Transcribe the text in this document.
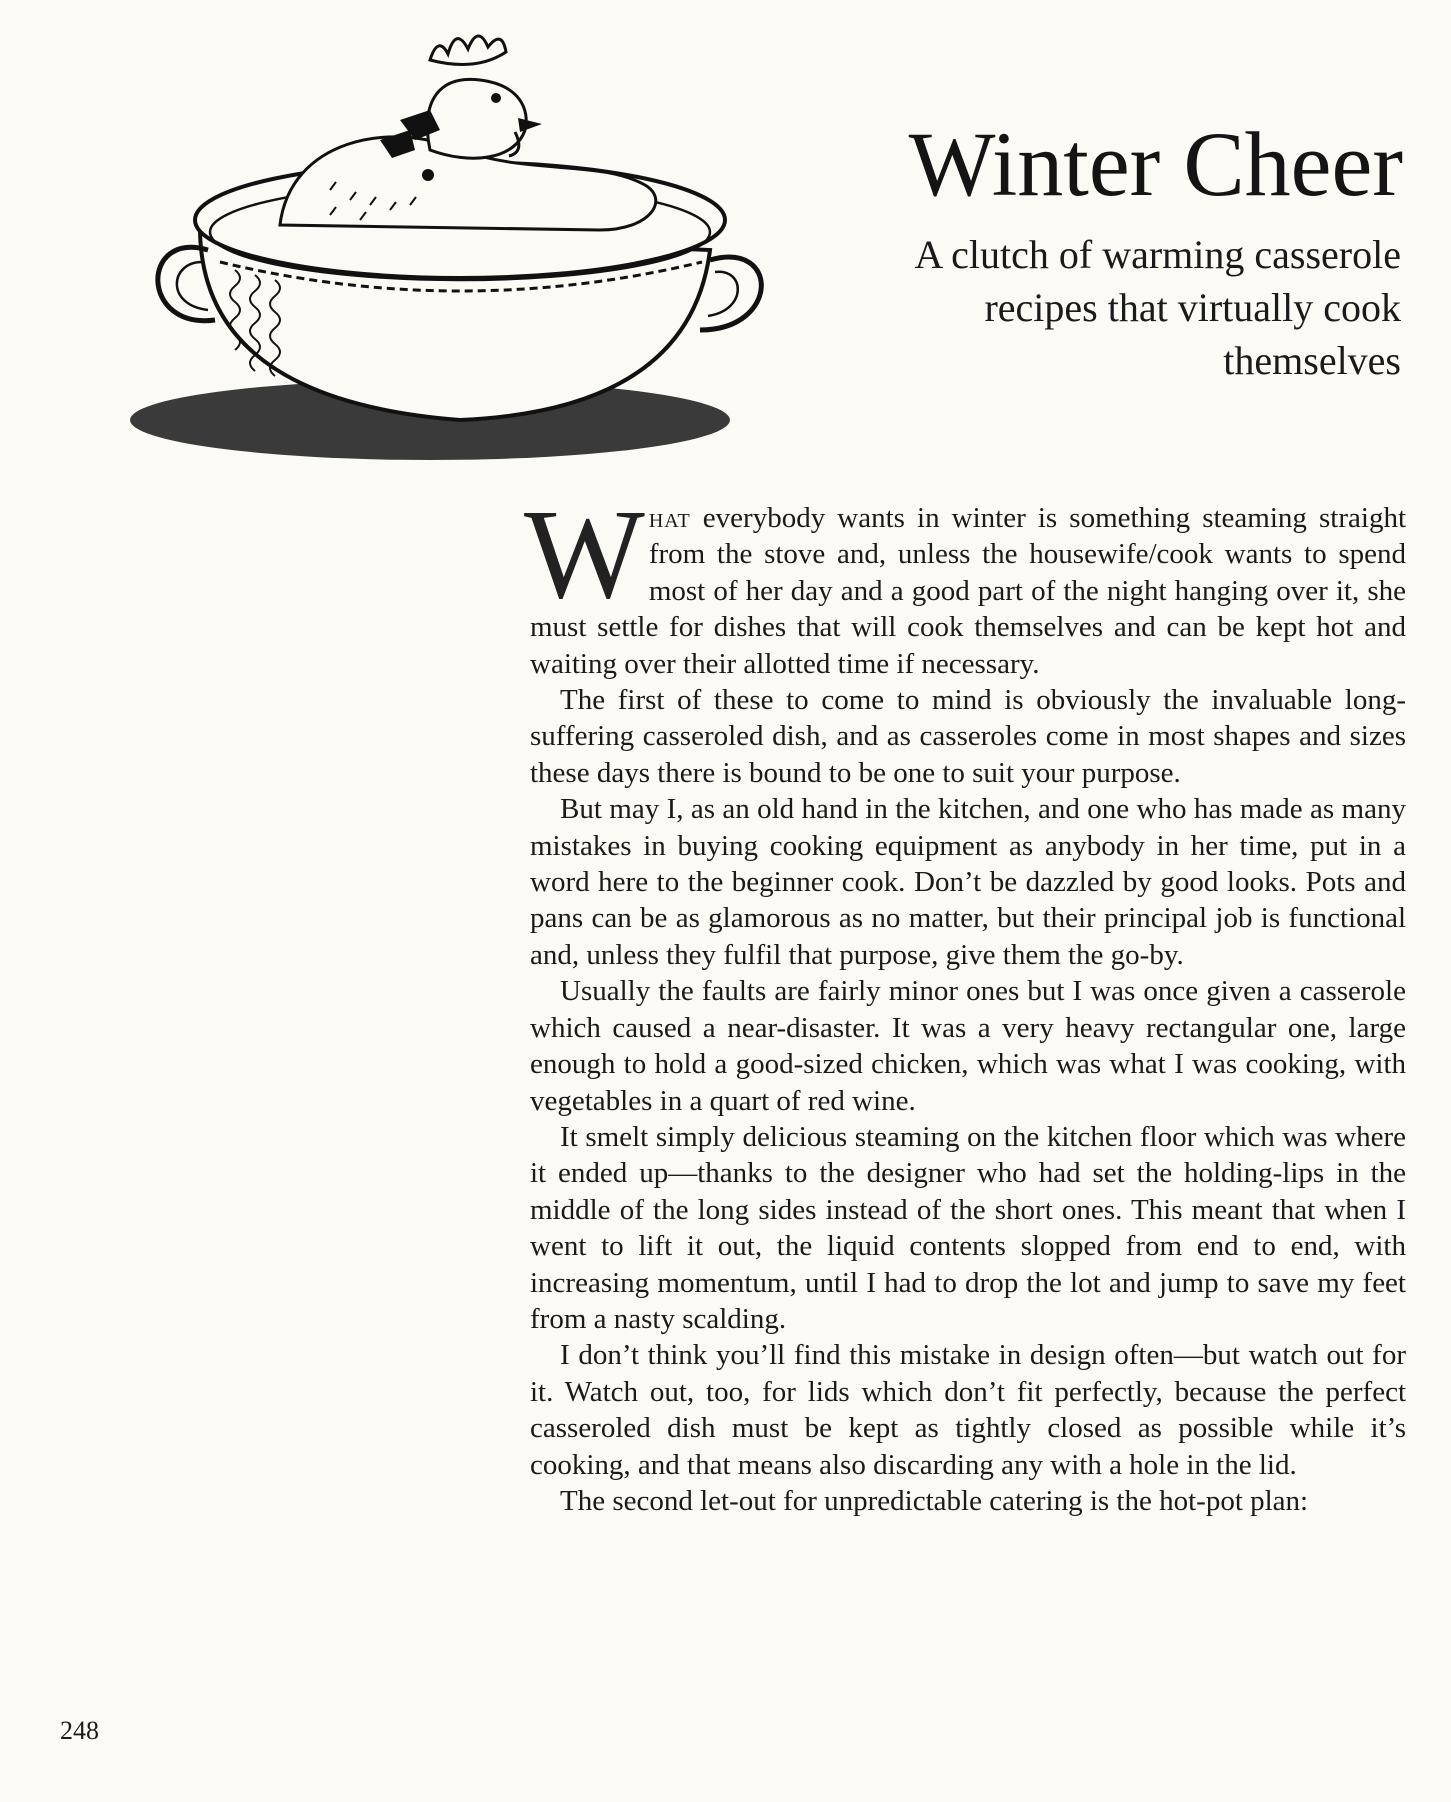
Winter Cheer
A clutch of warming casserole recipes that virtually cook themselves

What everybody wants in winter is something steaming straight from the stove and, unless the housewife/cook wants to spend most of her day and a good part of the night hanging over it, she must settle for dishes that will cook themselves and can be kept hot and waiting over their allotted time if necessary.

The first of these to come to mind is obviously the invaluable long-suffering casseroled dish, and as casseroles come in most shapes and sizes these days there is bound to be one to suit your purpose.

But may I, as an old hand in the kitchen, and one who has made as many mistakes in buying cooking equipment as anybody in her time, put in a word here to the beginner cook. Don’t be dazzled by good looks. Pots and pans can be as glamorous as no matter, but their principal job is functional and, unless they fulfil that purpose, give them the go-by.

Usually the faults are fairly minor ones but I was once given a casserole which caused a near-disaster. It was a very heavy rectangular one, large enough to hold a good-sized chicken, which was what I was cooking, with vegetables in a quart of red wine.

It smelt simply delicious steaming on the kitchen floor which was where it ended up—thanks to the designer who had set the holding-lips in the middle of the long sides instead of the short ones. This meant that when I went to lift it out, the liquid contents slopped from end to end, with increasing momentum, until I had to drop the lot and jump to save my feet from a nasty scalding.

I don’t think you’ll find this mistake in design often—but watch out for it. Watch out, too, for lids which don’t fit perfectly, because the perfect casseroled dish must be kept as tightly closed as possible while it’s cooking, and that means also discarding any with a hole in the lid.

The second let-out for unpredictable catering is the hot-pot plan:

248
